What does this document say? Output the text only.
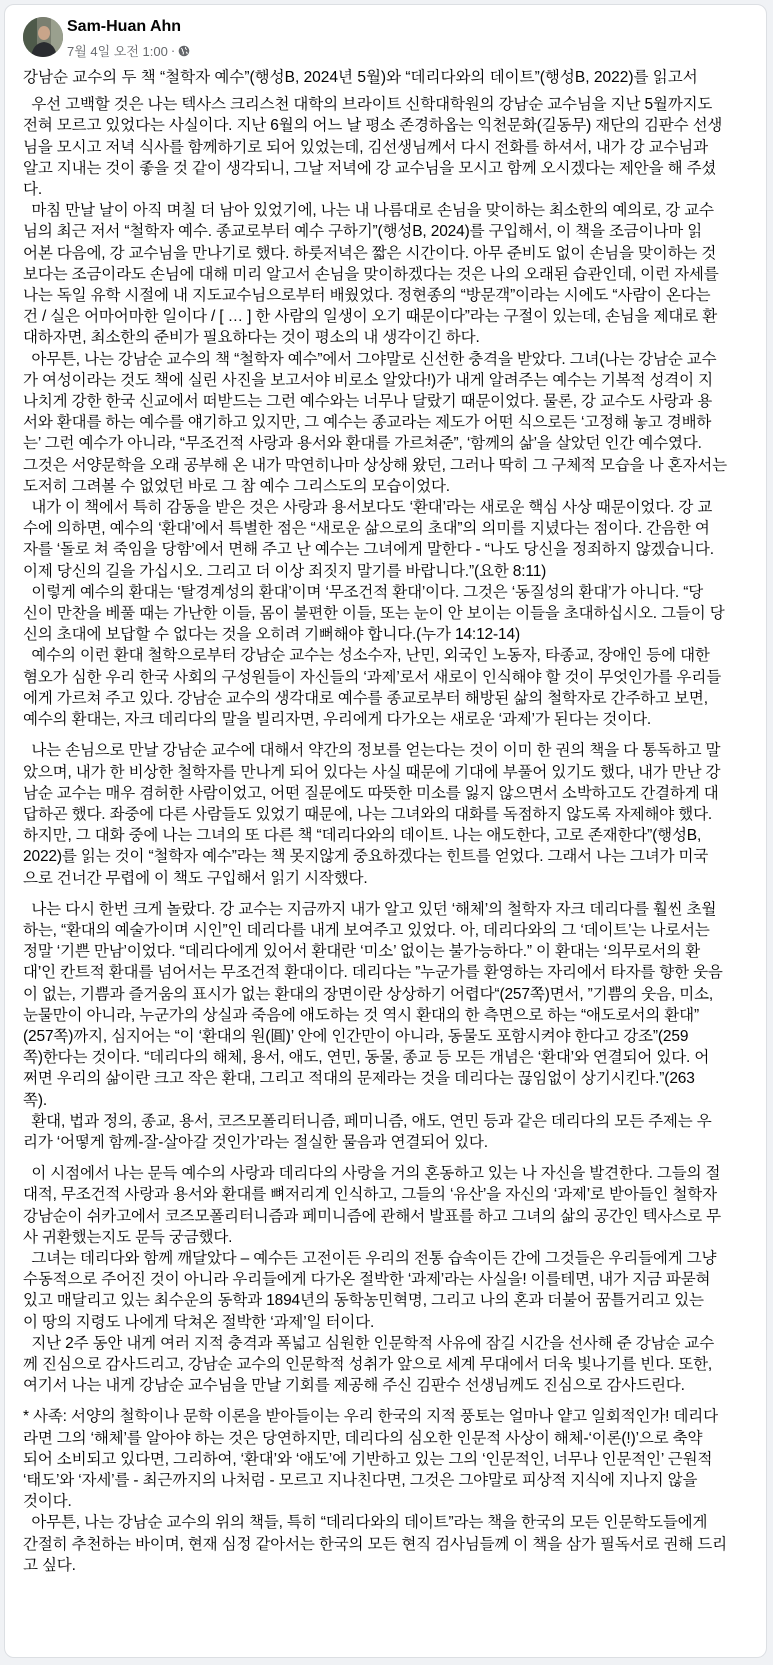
Sam-Huan Ahn
7월 4일 오전 1:00 ·
강남순 교수의 두 책 “철학자 예수”(행성B, 2024년 5월)와 “데리다와의 데이트”(행성B, 2022)를 읽고서
우선 고백할 것은 나는 텍사스 크리스천 대학의 브라이트 신학대학원의 강남순 교수님을 지난 5월까지도
전혀 모르고 있었다는 사실이다. 지난 6월의 어느 날 평소 존경하옵는 익천문화(길동무) 재단의 김판수 선생
님을 모시고 저녁 식사를 함께하기로 되어 있었는데, 김선생님께서 다시 전화를 하셔서, 내가 강 교수님과
알고 지내는 것이 좋을 것 같이 생각되니, 그날 저녁에 강 교수님을 모시고 함께 오시겠다는 제안을 해 주셨
다.
마침 만날 날이 아직 며칠 더 남아 있었기에, 나는 내 나름대로 손님을 맞이하는 최소한의 예의로, 강 교수
님의 최근 저서 “철학자 예수. 종교로부터 예수 구하기”(행성B, 2024)를 구입해서, 이 책을 조금이나마 읽
어본 다음에, 강 교수님을 만나기로 했다. 하룻저녁은 짧은 시간이다. 아무 준비도 없이 손님을 맞이하는 것
보다는 조금이라도 손님에 대해 미리 알고서 손님을 맞이하겠다는 것은 나의 오래된 습관인데, 이런 자세를
나는 독일 유학 시절에 내 지도교수님으로부터 배웠었다. 정현종의 “방문객”이라는 시에도 “사람이 온다는
건 / 실은 어마어마한 일이다 / [ … ] 한 사람의 일생이 오기 때문이다”라는 구절이 있는데, 손님을 제대로 환
대하자면, 최소한의 준비가 필요하다는 것이 평소의 내 생각이긴 하다.
아무튼, 나는 강남순 교수의 책 “철학자 예수”에서 그야말로 신선한 충격을 받았다. 그녀(나는 강남순 교수
가 여성이라는 것도 책에 실린 사진을 보고서야 비로소 알았다!)가 내게 알려주는 예수는 기복적 성격이 지
나치게 강한 한국 신교에서 떠받드는 그런 예수와는 너무나 달랐기 때문이었다. 물론, 강 교수도 사랑과 용
서와 환대를 하는 예수를 얘기하고 있지만, 그 예수는 종교라는 제도가 어떤 식으로든 ‘고정해 놓고 경배하
는’ 그런 예수가 아니라, “무조건적 사랑과 용서와 환대를 가르쳐준”, ‘함께의 삶’을 살았던 인간 예수였다.
그것은 서양문학을 오래 공부해 온 내가 막연히나마 상상해 왔던, 그러나 딱히 그 구체적 모습을 나 혼자서는
도저히 그려볼 수 없었던 바로 그 참 예수 그리스도의 모습이었다.
내가 이 책에서 특히 감동을 받은 것은 사랑과 용서보다도 ‘환대’라는 새로운 핵심 사상 때문이었다. 강 교
수에 의하면, 예수의 ‘환대’에서 특별한 점은 “새로운 삶으로의 초대”의 의미를 지녔다는 점이다. 간음한 여
자를 ‘돌로 쳐 죽임을 당함’에서 면해 주고 난 예수는 그녀에게 말한다 - “나도 당신을 정죄하지 않겠습니다.
이제 당신의 길을 가십시오. 그리고 더 이상 죄짓지 말기를 바랍니다.”(요한 8:11)
이렇게 예수의 환대는 ‘탈경계성의 환대’이며 ‘무조건적 환대’이다. 그것은 ‘동질성의 환대’가 아니다. “당
신이 만찬을 베풀 때는 가난한 이들, 몸이 불편한 이들, 또는 눈이 안 보이는 이들을 초대하십시오. 그들이 당
신의 초대에 보답할 수 없다는 것을 오히려 기뻐해야 합니다.(누가 14:12-14)
예수의 이런 환대 철학으로부터 강남순 교수는 성소수자, 난민, 외국인 노동자, 타종교, 장애인 등에 대한
혐오가 심한 우리 한국 사회의 구성원들이 자신들의 ‘과제’로서 새로이 인식해야 할 것이 무엇인가를 우리들
에게 가르쳐 주고 있다. 강남순 교수의 생각대로 예수를 종교로부터 해방된 삶의 철학자로 간주하고 보면,
예수의 환대는, 자크 데리다의 말을 빌리자면, 우리에게 다가오는 새로운 ‘과제’가 된다는 것이다.
나는 손님으로 만날 강남순 교수에 대해서 약간의 정보를 얻는다는 것이 이미 한 권의 책을 다 통독하고 말
았으며, 내가 한 비상한 철학자를 만나게 되어 있다는 사실 때문에 기대에 부풀어 있기도 했다, 내가 만난 강
남순 교수는 매우 겸허한 사람이었고, 어떤 질문에도 따뜻한 미소를 잃지 않으면서 소박하고도 간결하게 대
답하곤 했다. 좌중에 다른 사람들도 있었기 때문에, 나는 그녀와의 대화를 독점하지 않도록 자제해야 했다.
하지만, 그 대화 중에 나는 그녀의 또 다른 책 “데리다와의 데이트. 나는 애도한다, 고로 존재한다”(행성B,
2022)를 읽는 것이 “철학자 예수”라는 책 못지않게 중요하겠다는 힌트를 얻었다. 그래서 나는 그녀가 미국
으로 건너간 무렵에 이 책도 구입해서 읽기 시작했다.
나는 다시 한번 크게 놀랐다. 강 교수는 지금까지 내가 알고 있던 ‘해체’의 철학자 자크 데리다를 훨씬 초월
하는, “환대의 예술가이며 시인”인 데리다를 내게 보여주고 있었다. 아, 데리다와의 그 ‘데이트’는 나로서는
정말 ‘기쁜 만남’이었다. “데리다에게 있어서 환대란 ‘미소’ 없이는 불가능하다.” 이 환대는 ‘의무로서의 환
대’인 칸트적 환대를 넘어서는 무조건적 환대이다. 데리다는 ”누군가를 환영하는 자리에서 타자를 향한 웃음
이 없는, 기쁨과 즐거움의 표시가 없는 환대의 장면이란 상상하기 어렵다“(257쪽)면서, ”기쁨의 웃음, 미소,
눈물만이 아니라, 누군가의 상실과 죽음에 애도하는 것 역시 환대의 한 측면으로 하는 “애도로서의 환대”
(257쪽)까지, 심지어는 “이 ‘환대의 원(圓)’ 안에 인간만이 아니라, 동물도 포함시켜야 한다고 강조”(259
쪽)한다는 것이다. “데리다의 해체, 용서, 애도, 연민, 동물, 종교 등 모든 개념은 ‘환대’와 연결되어 있다. 어
쩌면 우리의 삶이란 크고 작은 환대, 그리고 적대의 문제라는 것을 데리다는 끊임없이 상기시킨다.”(263
쪽).
환대, 법과 정의, 종교, 용서, 코즈모폴리터니즘, 페미니즘, 애도, 연민 등과 같은 데리다의 모든 주제는 우
리가 ‘어떻게 함께-잘-살아갈 것인가’라는 절실한 물음과 연결되어 있다.
이 시점에서 나는 문득 예수의 사랑과 데리다의 사랑을 거의 혼동하고 있는 나 자신을 발견한다. 그들의 절
대적, 무조건적 사랑과 용서와 환대를 뼈저리게 인식하고, 그들의 ‘유산’을 자신의 ‘과제’로 받아들인 철학자
강남순이 쉬카고에서 코즈모폴리터니즘과 페미니즘에 관해서 발표를 하고 그녀의 삶의 공간인 텍사스로 무
사 귀환했는지도 문득 궁금했다.
그녀는 데리다와 함께 깨달았다 – 예수든 고전이든 우리의 전통 습속이든 간에 그것들은 우리들에게 그냥
수동적으로 주어진 것이 아니라 우리들에게 다가온 절박한 ‘과제’라는 사실을! 이를테면, 내가 지금 파묻혀
있고 매달리고 있는 최수운의 동학과 1894년의 동학농민혁명, 그리고 나의 혼과 더불어 꿈틀거리고 있는
이 땅의 지령도 나에게 닥쳐온 절박한 ‘과제’일 터이다.
지난 2주 동안 내게 여러 지적 충격과 폭넓고 심원한 인문학적 사유에 잠길 시간을 선사해 준 강남순 교수
께 진심으로 감사드리고, 강남순 교수의 인문학적 성취가 앞으로 세계 무대에서 더욱 빛나기를 빈다. 또한,
여기서 나는 내게 강남순 교수님을 만날 기회를 제공해 주신 김판수 선생님께도 진심으로 감사드린다.
* 사족: 서양의 철학이나 문학 이론을 받아들이는 우리 한국의 지적 풍토는 얼마나 얕고 일회적인가! 데리다
라면 그의 ‘해체’를 알아야 하는 것은 당연하지만, 데리다의 심오한 인문적 사상이 해체-‘이론(!)’으로 축약
되어 소비되고 있다면, 그리하여, ‘환대’와 ‘애도’에 기반하고 있는 그의 ‘인문적인, 너무나 인문적인’ 근원적
‘태도’와 ‘자세’를 - 최근까지의 나처럼 - 모르고 지나친다면, 그것은 그야말로 피상적 지식에 지나지 않을
것이다.
아무튼, 나는 강남순 교수의 위의 책들, 특히 “데리다와의 데이트”라는 책을 한국의 모든 인문학도들에게
간절히 추천하는 바이며, 현재 심정 같아서는 한국의 모든 현직 검사님들께 이 책을 삼가 필독서로 권해 드리
고 싶다.
